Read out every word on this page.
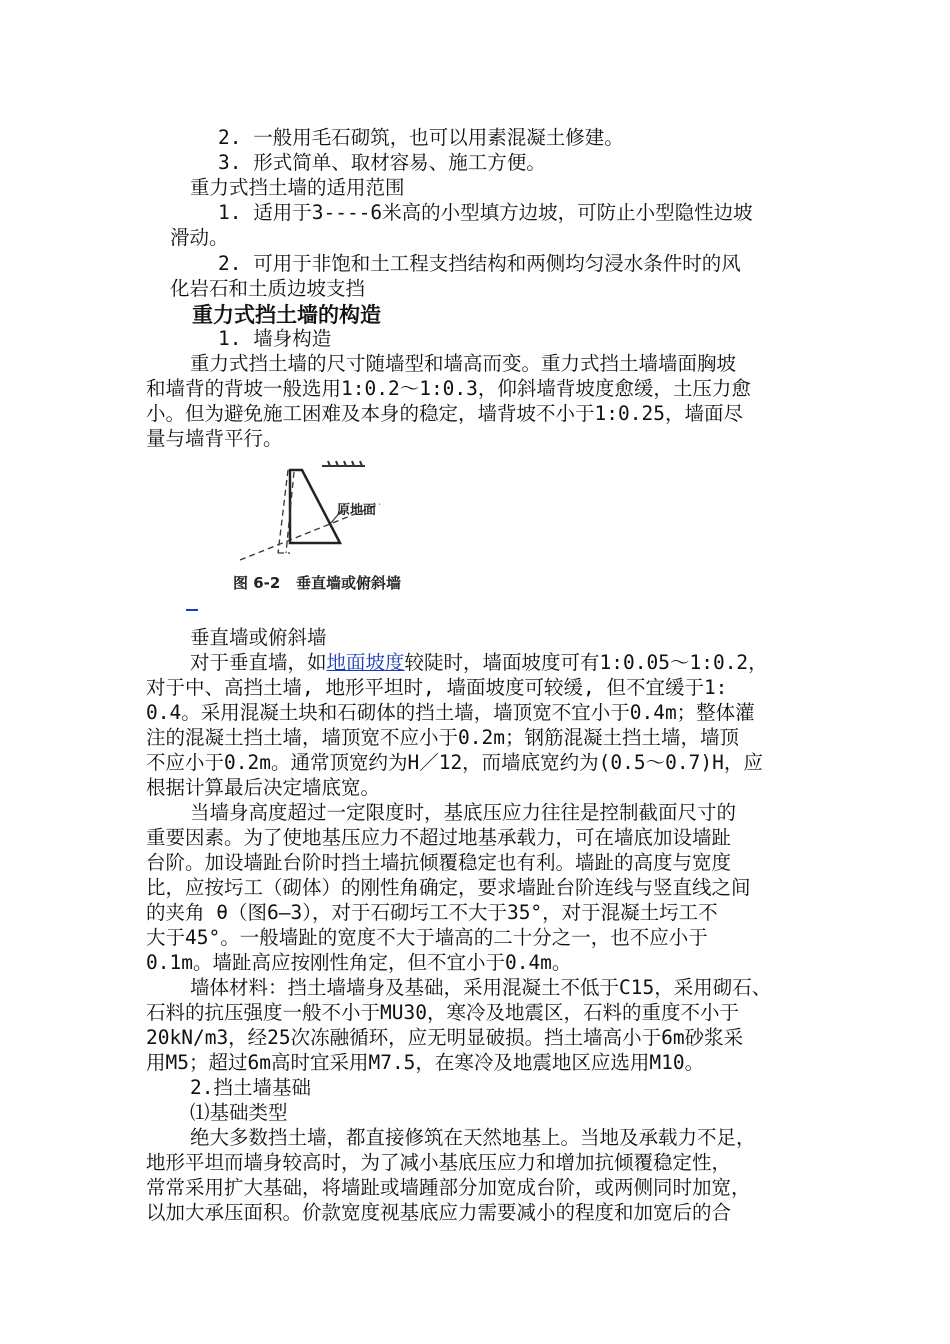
2. 一般用毛石砌筑，也可以用素混凝土修建。
3. 形式简单、取材容易、施工方便。
重力式挡土墙的适用范围
1. 适用于3----6米高的小型填方边坡，可防止小型隐性边坡
滑动。
2. 可用于非饱和土工程支挡结构和两侧均匀浸水条件时的风
化岩石和土质边坡支挡
重力式挡土墙的构造
1. 墙身构造
重力式挡土墙的尺寸随墙型和墙高而变。重力式挡土墙墙面胸坡
和墙背的背坡一般选用1:0.2～1:0.3，仰斜墙背坡度愈缓，土压力愈
小。但为避免施工困难及本身的稳定，墙背坡不小于1:0.25，墙面尽
量与墙背平行。
原地面
图 6-2   垂直墙或俯斜墙
垂直墙或俯斜墙
对于垂直墙，如地面坡度较陡时，墙面坡度可有1:0.05～1:0.2，
对于中、高挡土墙, 地形平坦时, 墙面坡度可较缓, 但不宜缓于1:
0.4。采用混凝土块和石砌体的挡土墙，墙顶宽不宜小于0.4m；整体灌
注的混凝土挡土墙，墙顶宽不应小于0.2m；钢筋混凝土挡土墙，墙顶
不应小于0.2m。通常顶宽约为H／12，而墙底宽约为(0.5～0.7)H，应
根据计算最后决定墙底宽。
当墙身高度超过一定限度时，基底压应力往往是控制截面尺寸的
重要因素。为了使地基压应力不超过地基承载力，可在墙底加设墙趾
台阶。加设墙趾台阶时挡土墙抗倾覆稳定也有利。墙趾的高度与宽度
比，应按圬工（砌体）的刚性角确定，要求墙趾台阶连线与竖直线之间
的夹角 θ（图6—3），对于石砌圬工不大于35°，对于混凝土圬工不
大于45°。一般墙趾的宽度不大于墙高的二十分之一，也不应小于
0.1m。墙趾高应按刚性角定，但不宜小于0.4m。
墙体材料：挡土墙墙身及基础，采用混凝土不低于C15，采用砌石、
石料的抗压强度一般不小于MU30，寒冷及地震区，石料的重度不小于
20kN/m3，经25次冻融循环，应无明显破损。挡土墙高小于6m砂浆采
用M5；超过6m高时宜采用M7.5，在寒冷及地震地区应选用M10。
2.挡土墙基础
⑴基础类型
绝大多数挡土墙，都直接修筑在天然地基上。当地及承载力不足，
地形平坦而墙身较高时，为了减小基底压应力和增加抗倾覆稳定性，
常常采用扩大基础，将墙趾或墙踵部分加宽成台阶，或两侧同时加宽，
以加大承压面积。价款宽度视基底应力需要减小的程度和加宽后的合
